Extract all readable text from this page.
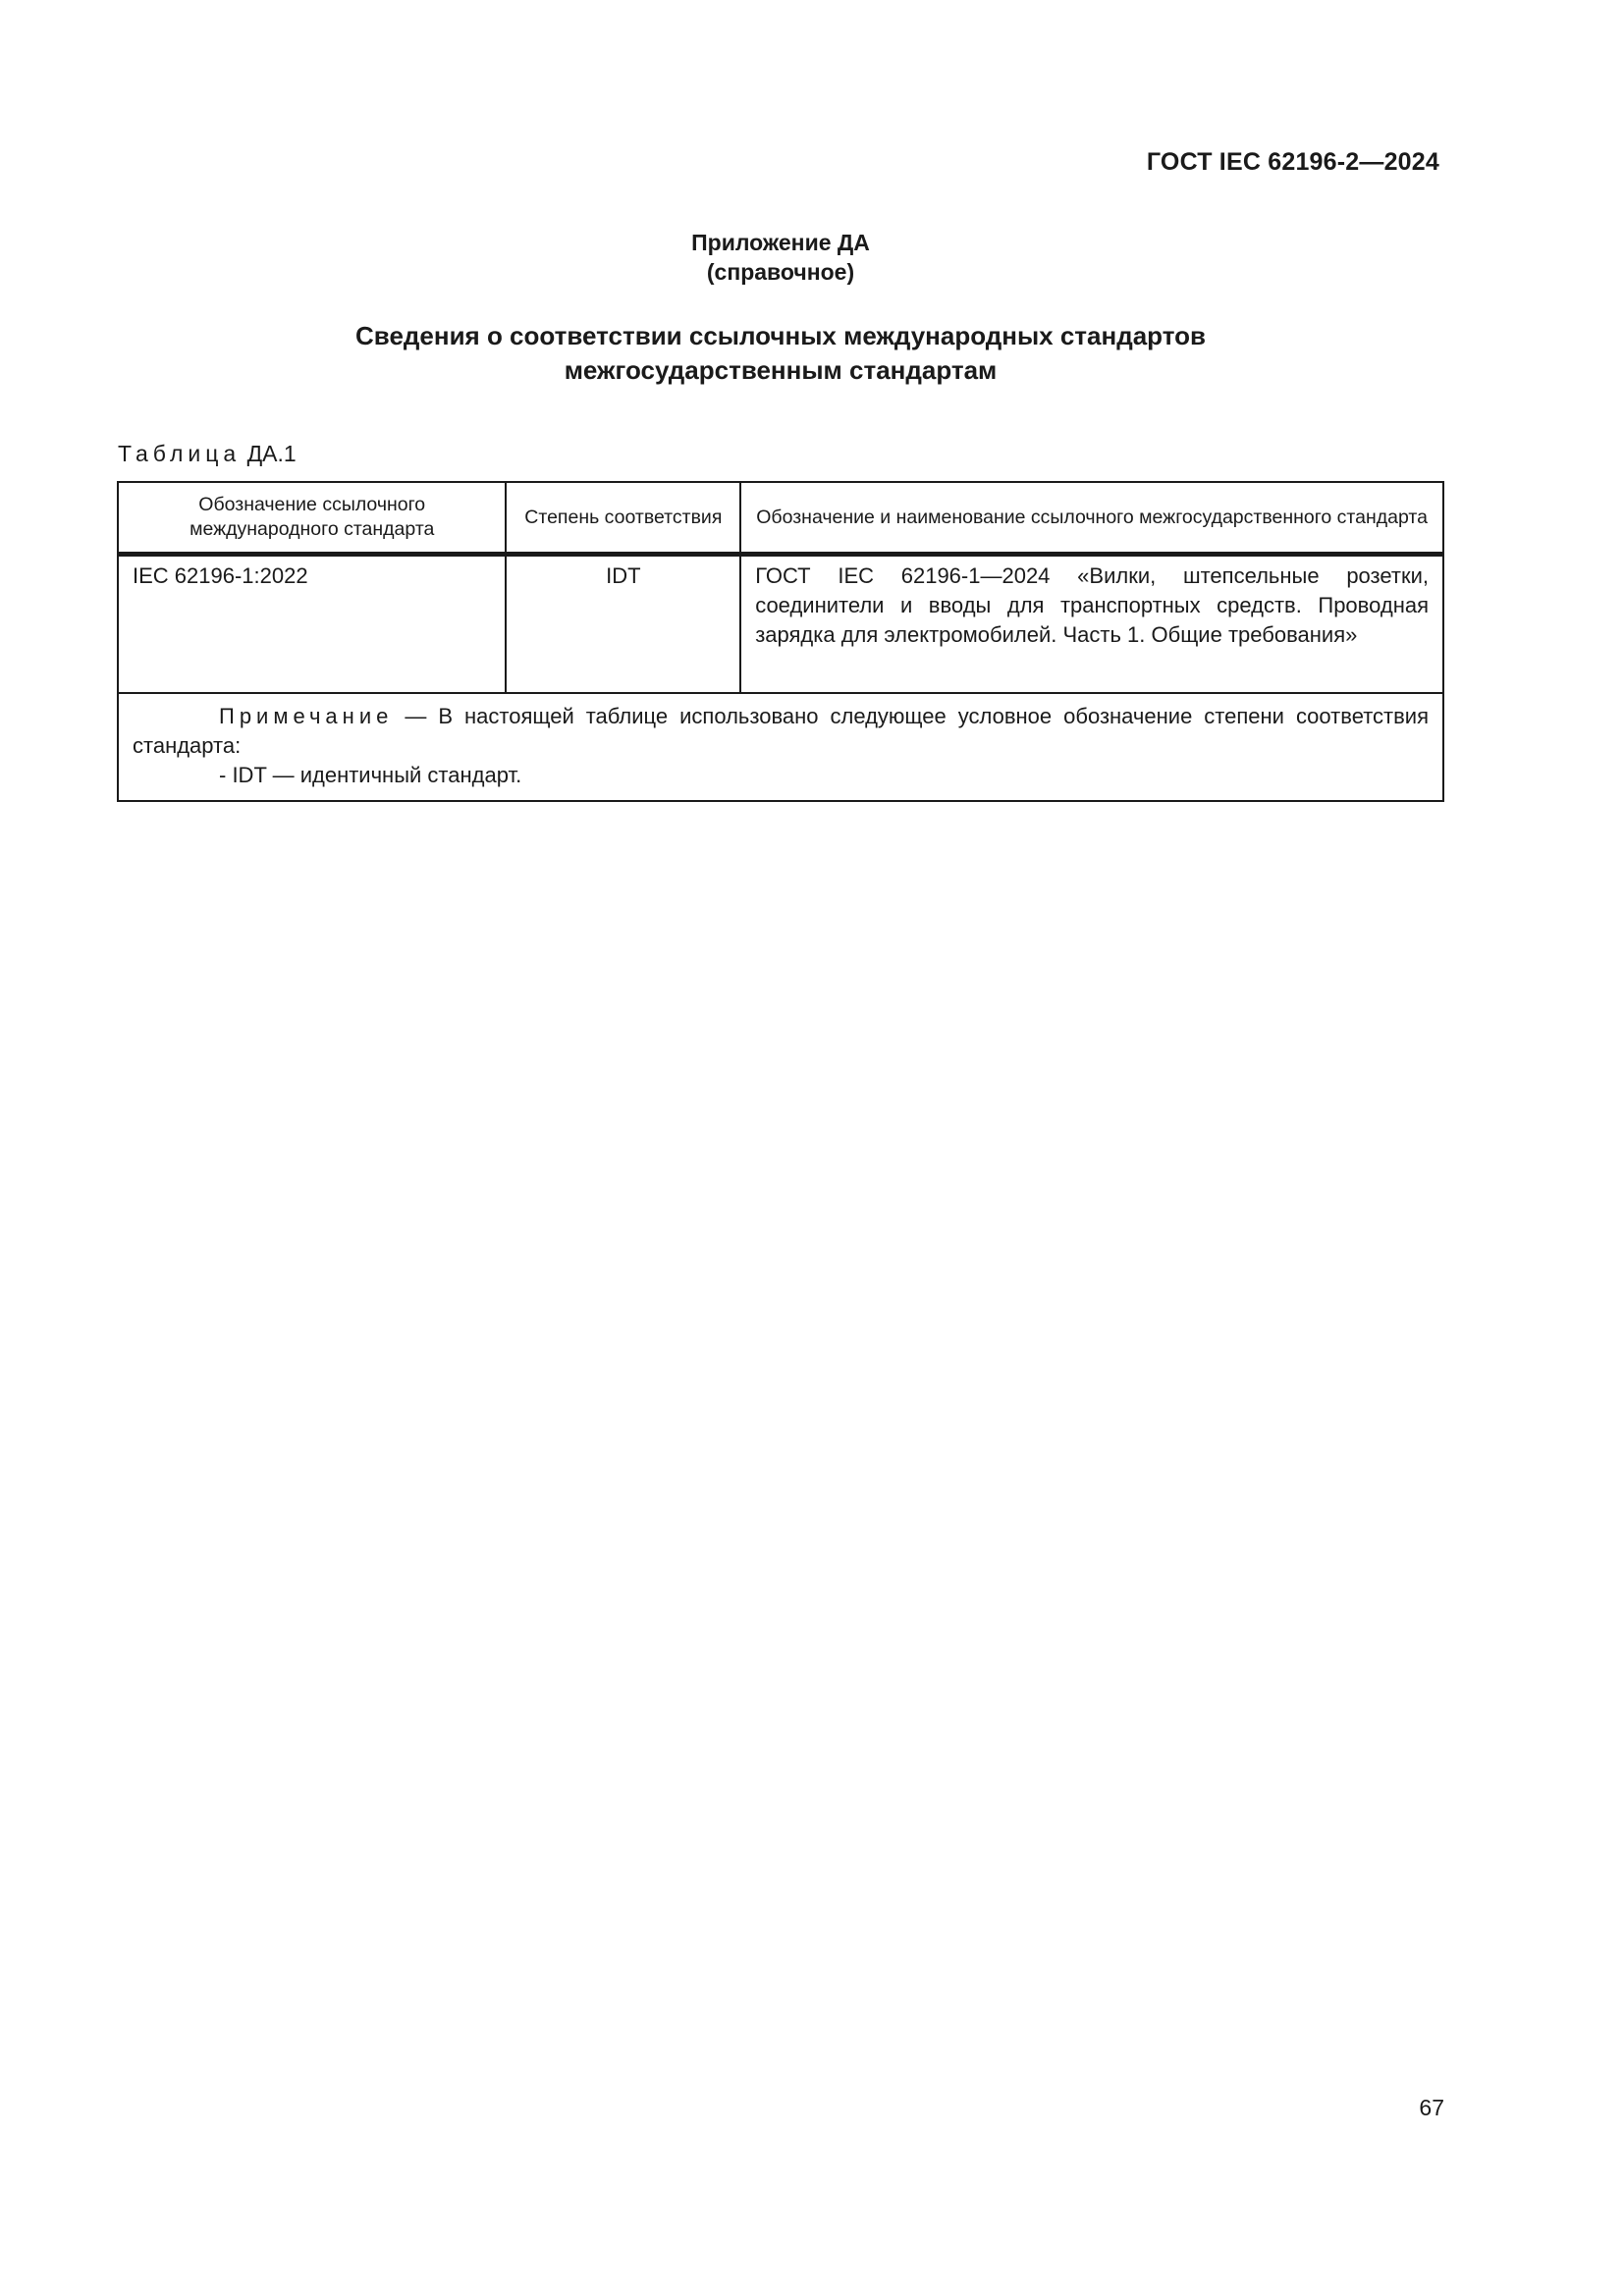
ГОСТ IEC 62196-2—2024
Приложение ДА
(справочное)
Сведения о соответствии ссылочных международных стандартов
межгосударственным стандартам
Таблица ДА.1
Обозначение ссылочного международного стандарта	Степень соответствия	Обозначение и наименование ссылочного межгосударственного стандарта
IEC 62196-1:2022	IDT	ГОСТ IEC 62196-1—2024 «Вилки, штепсельные розетки, соединители и вводы для транспортных средств. Проводная зарядка для электромобилей. Часть 1. Общие требования»

Примечание — В настоящей таблице использовано следующее условное обозначение степени соответствия стандарта:
- IDT — идентичный стандарт.		
67
